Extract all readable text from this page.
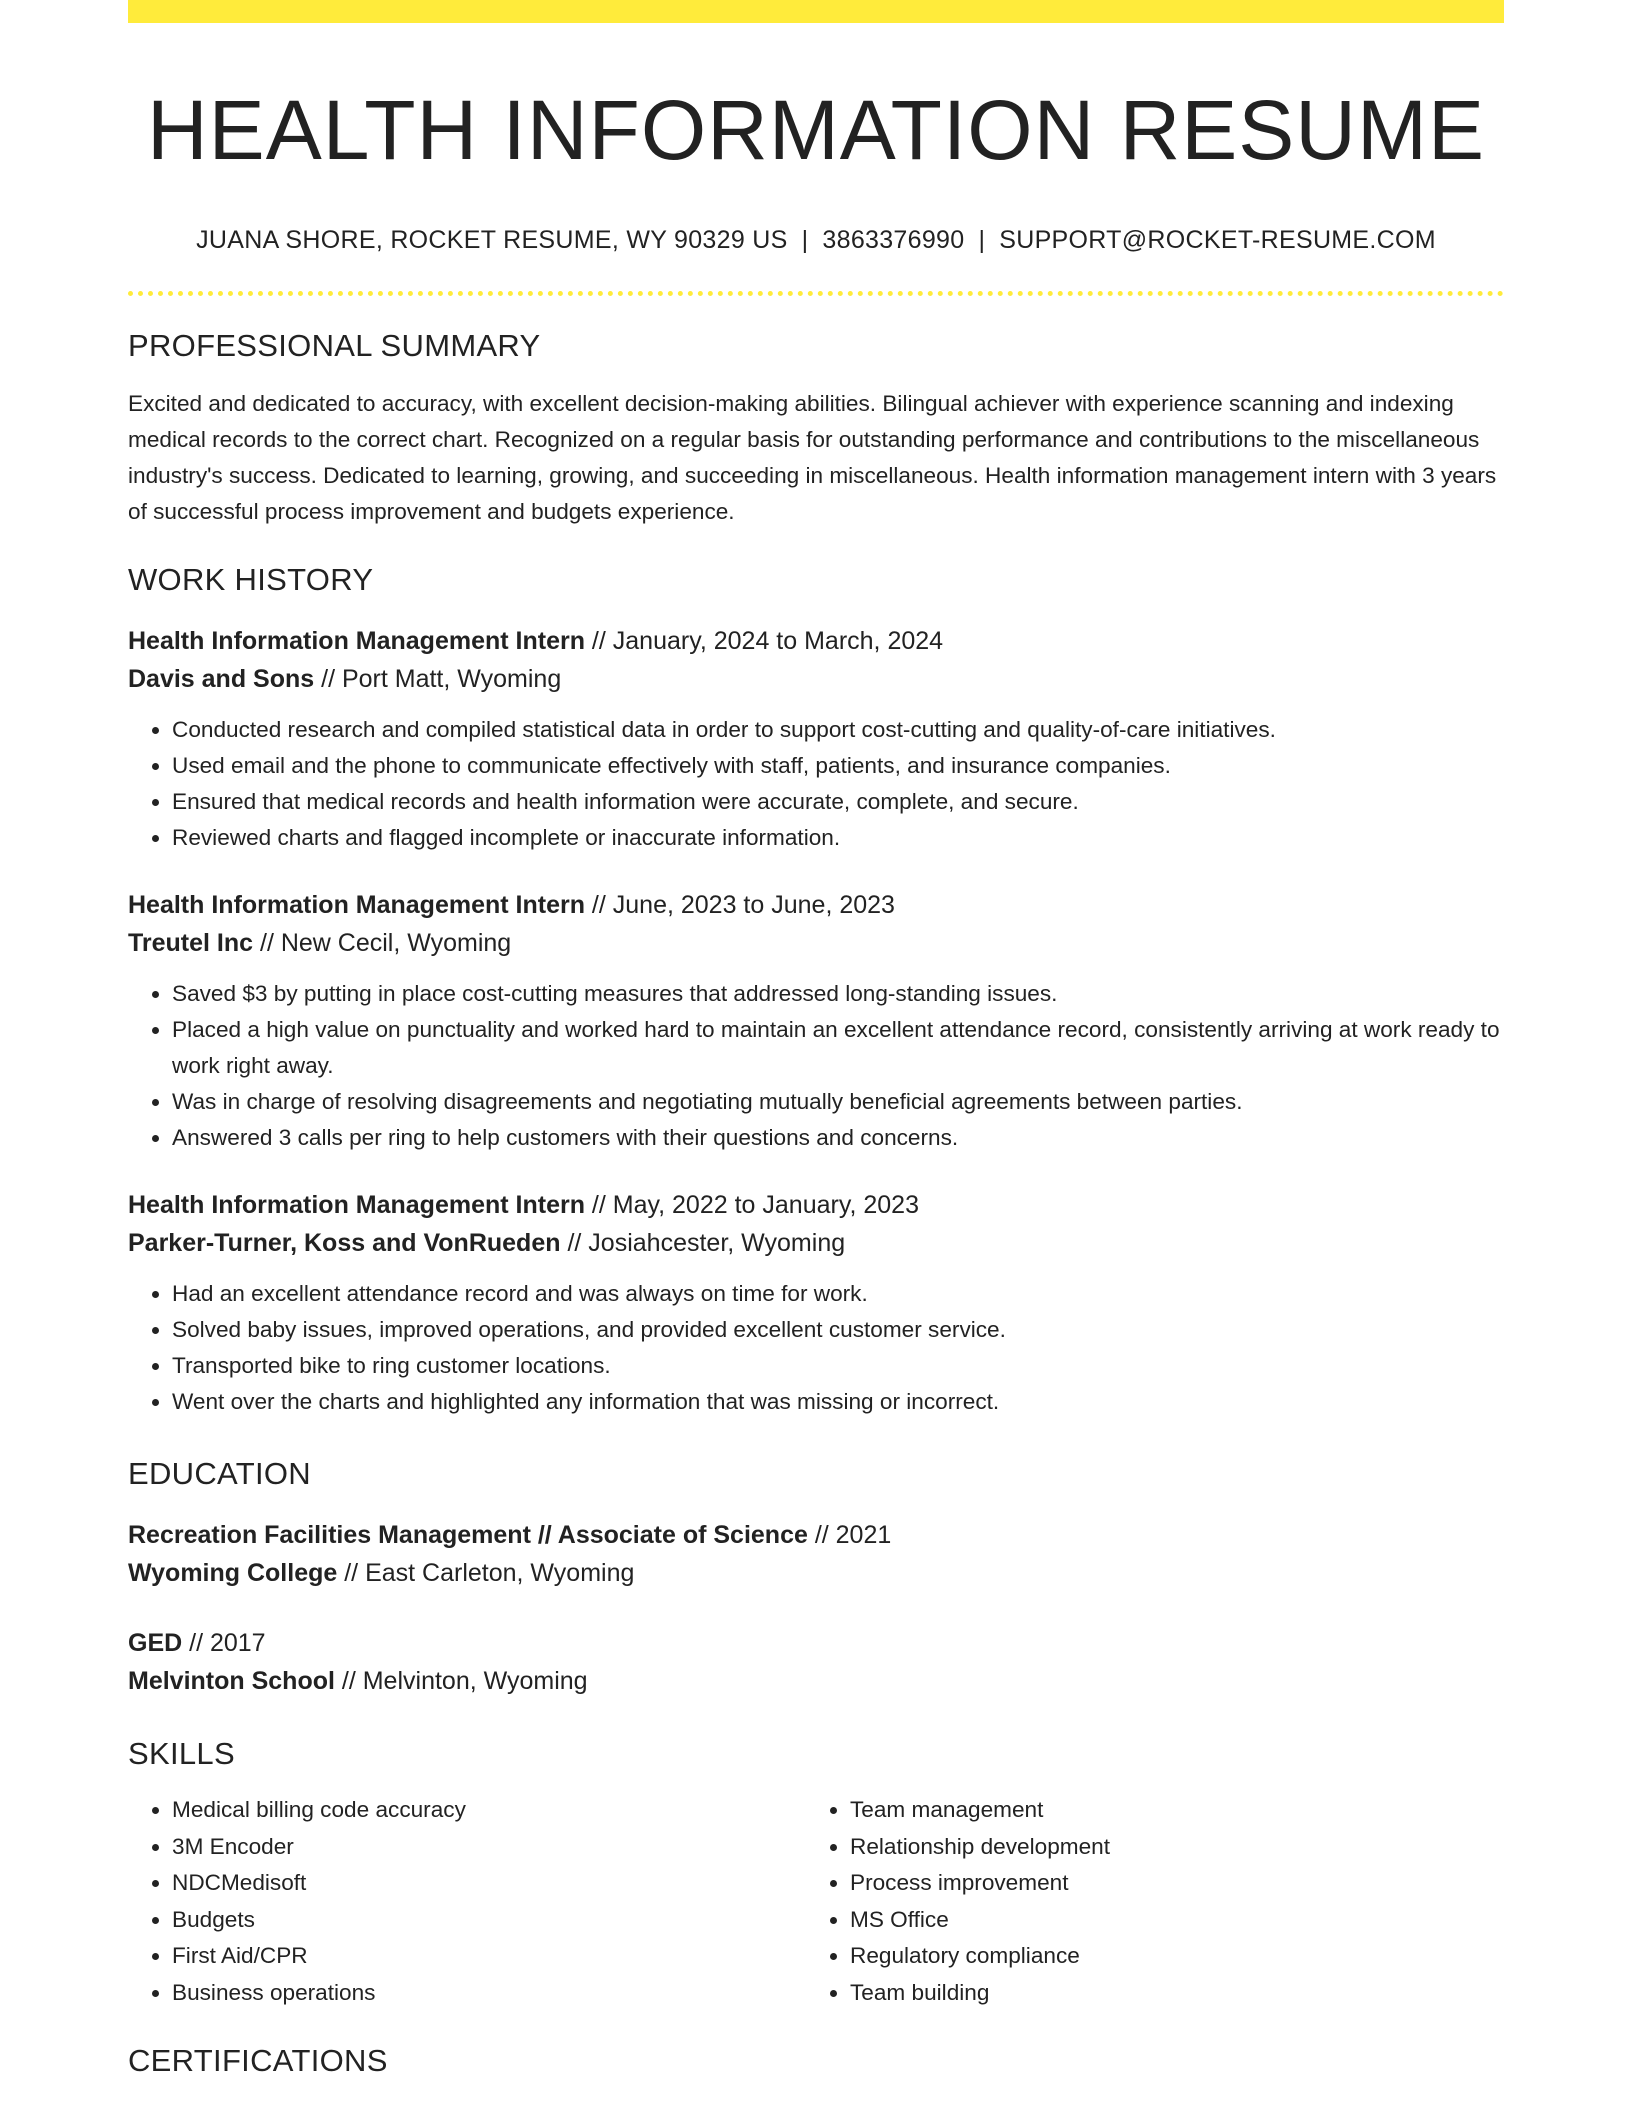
HEALTH INFORMATION RESUME
JUANA SHORE, ROCKET RESUME, WY 90329 US | 3863376990 | SUPPORT@ROCKET-RESUME.COM
PROFESSIONAL SUMMARY

Excited and dedicated to accuracy, with excellent decision-making abilities. Bilingual achiever with experience scanning and indexing medical records to the correct chart. Recognized on a regular basis for outstanding performance and contributions to the miscellaneous industry's success. Dedicated to learning, growing, and succeeding in miscellaneous. Health information management intern with 3 years of successful process improvement and budgets experience.

WORK HISTORY
Health Information Management Intern // January, 2024 to March, 2024
Davis and Sons // Port Matt, Wyoming
• Conducted research and compiled statistical data in order to support cost-cutting and quality-of-care initiatives.
• Used email and the phone to communicate effectively with staff, patients, and insurance companies.
• Ensured that medical records and health information were accurate, complete, and secure.
• Reviewed charts and flagged incomplete or inaccurate information.
Health Information Management Intern // June, 2023 to June, 2023
Treutel Inc // New Cecil, Wyoming
• Saved $3 by putting in place cost-cutting measures that addressed long-standing issues.
• Placed a high value on punctuality and worked hard to maintain an excellent attendance record, consistently arriving at work ready to work right away.
• Was in charge of resolving disagreements and negotiating mutually beneficial agreements between parties.
• Answered 3 calls per ring to help customers with their questions and concerns.
Health Information Management Intern // May, 2022 to January, 2023
Parker-Turner, Koss and VonRueden // Josiahcester, Wyoming
• Had an excellent attendance record and was always on time for work.
• Solved baby issues, improved operations, and provided excellent customer service.
• Transported bike to ring customer locations.
• Went over the charts and highlighted any information that was missing or incorrect.
EDUCATION
Recreation Facilities Management // Associate of Science // 2021
Wyoming College // East Carleton, Wyoming
GED // 2017
Melvinton School // Melvinton, Wyoming
SKILLS
• Medical billing code accuracy
• 3M Encoder
• NDCMedisoft
• Budgets
• First Aid/CPR
• Business operations
• Team management
• Relationship development
• Process improvement
• MS Office
• Regulatory compliance
• Team building
CERTIFICATIONS
